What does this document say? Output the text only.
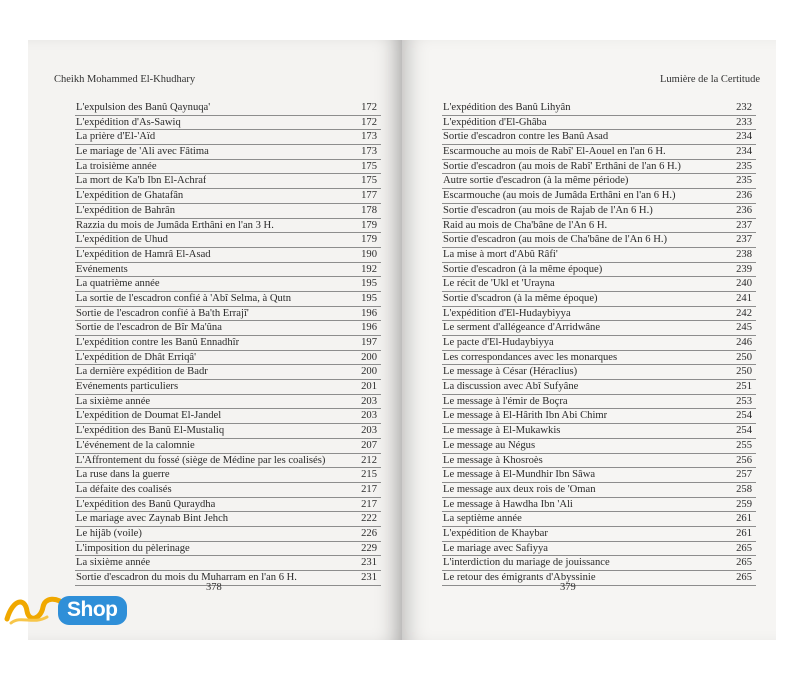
Cheikh Mohammed El-Khudhary
L'expulsion des Banû Qaynuqa'	172
L'expédition d'As-Sawiq	172
La prière d'El-'Aïd	173
Le mariage de 'Ali avec Fâtima	173
La troisième année	175
La mort de Ka'b Ibn El-Achraf	175
L'expédition de Ghatafân	177
L'expédition de Bahrân	178
Razzia du mois de Jumâda Erthâni en l'an 3 H.	179
L'expédition de Uhud	179
L'expédition de Hamrâ El-Asad	190
Evénements	192
La quatrième année	195
La sortie de l'escadron confié à 'Abî Selma, à Qutn	195
Sortie de l'escadron confié à Ba'th Errajî'	196
Sortie de l'escadron de Bîr Ma'ûna	196
L'expédition contre les Banû Ennadhîr	197
L'expédition de Dhât Erriqâ'	200
La dernière expédition de Badr	200
Evénements particuliers	201
La sixième année	203
L'expédition de Doumat El-Jandel	203
L'expédition des Banû El-Mustaliq	203
L'événement de la calomnie	207
L'Affrontement du fossé (siège de Médine par les coalisés)	212
La ruse dans la guerre	215
La défaite des coalisés	217
L'expédition des Banû Quraydha	217
Le mariage avec Zaynab Bint Jehch	222
Le hijâb (voile)	226
L'imposition du pèlerinage	229
La sixième année	231
Sortie d'escadron du mois du Muharram en l'an 6 H.	231
378
Lumière de la Certitude
L'expédition des Banû Lihyân	232
L'expédition d'El-Ghâba	233
Sortie d'escadron contre les Banû Asad	234
Escarmouche au mois de Rabî' El-Aouel en l'an 6 H.	234
Sortie d'escadron (au mois de Rabî' Erthâni de l'an 6 H.)	235
Autre sortie d'escadron (à la même période)	235
Escarmouche (au mois de Jumâda Erthâni en l'an 6 H.)	236
Sortie d'escadron (au mois de Rajab de l'An 6 H.)	236
Raid au mois de Cha'bâne de l'An 6 H.	237
Sortie d'escadron (au mois de Cha'bâne de l'An 6 H.)	237
La mise à mort d'Abû Râfi'	238
Sortie d'escadron (à la même époque)	239
Le récit de 'Ukl et 'Urayna	240
Sortie d'scadron (à la même époque)	241
L'expédition d'El-Hudaybiyya	242
Le serment d'allégeance d'Arridwâne	245
Le pacte d'El-Hudaybiyya	246
Les correspondances avec les monarques	250
Le message à César (Héraclius)	250
La discussion avec Abî Sufyâne	251
Le message à l'émir de Boçra	253
Le message à El-Hârith Ibn Abi Chimr	254
Le message à El-Mukawkis	254
Le message au Négus	255
Le message à Khosroès	256
Le message à El-Mundhir Ibn Sâwa	257
Le message aux deux rois de 'Oman	258
Le message à Hawdha Ibn 'Ali	259
La septième année	261
L'expédition de Khaybar	261
Le mariage avec Safiyya	265
L'interdiction du mariage de jouissance	265
Le retour des émigrants d'Abyssinie	265
379
Shop
